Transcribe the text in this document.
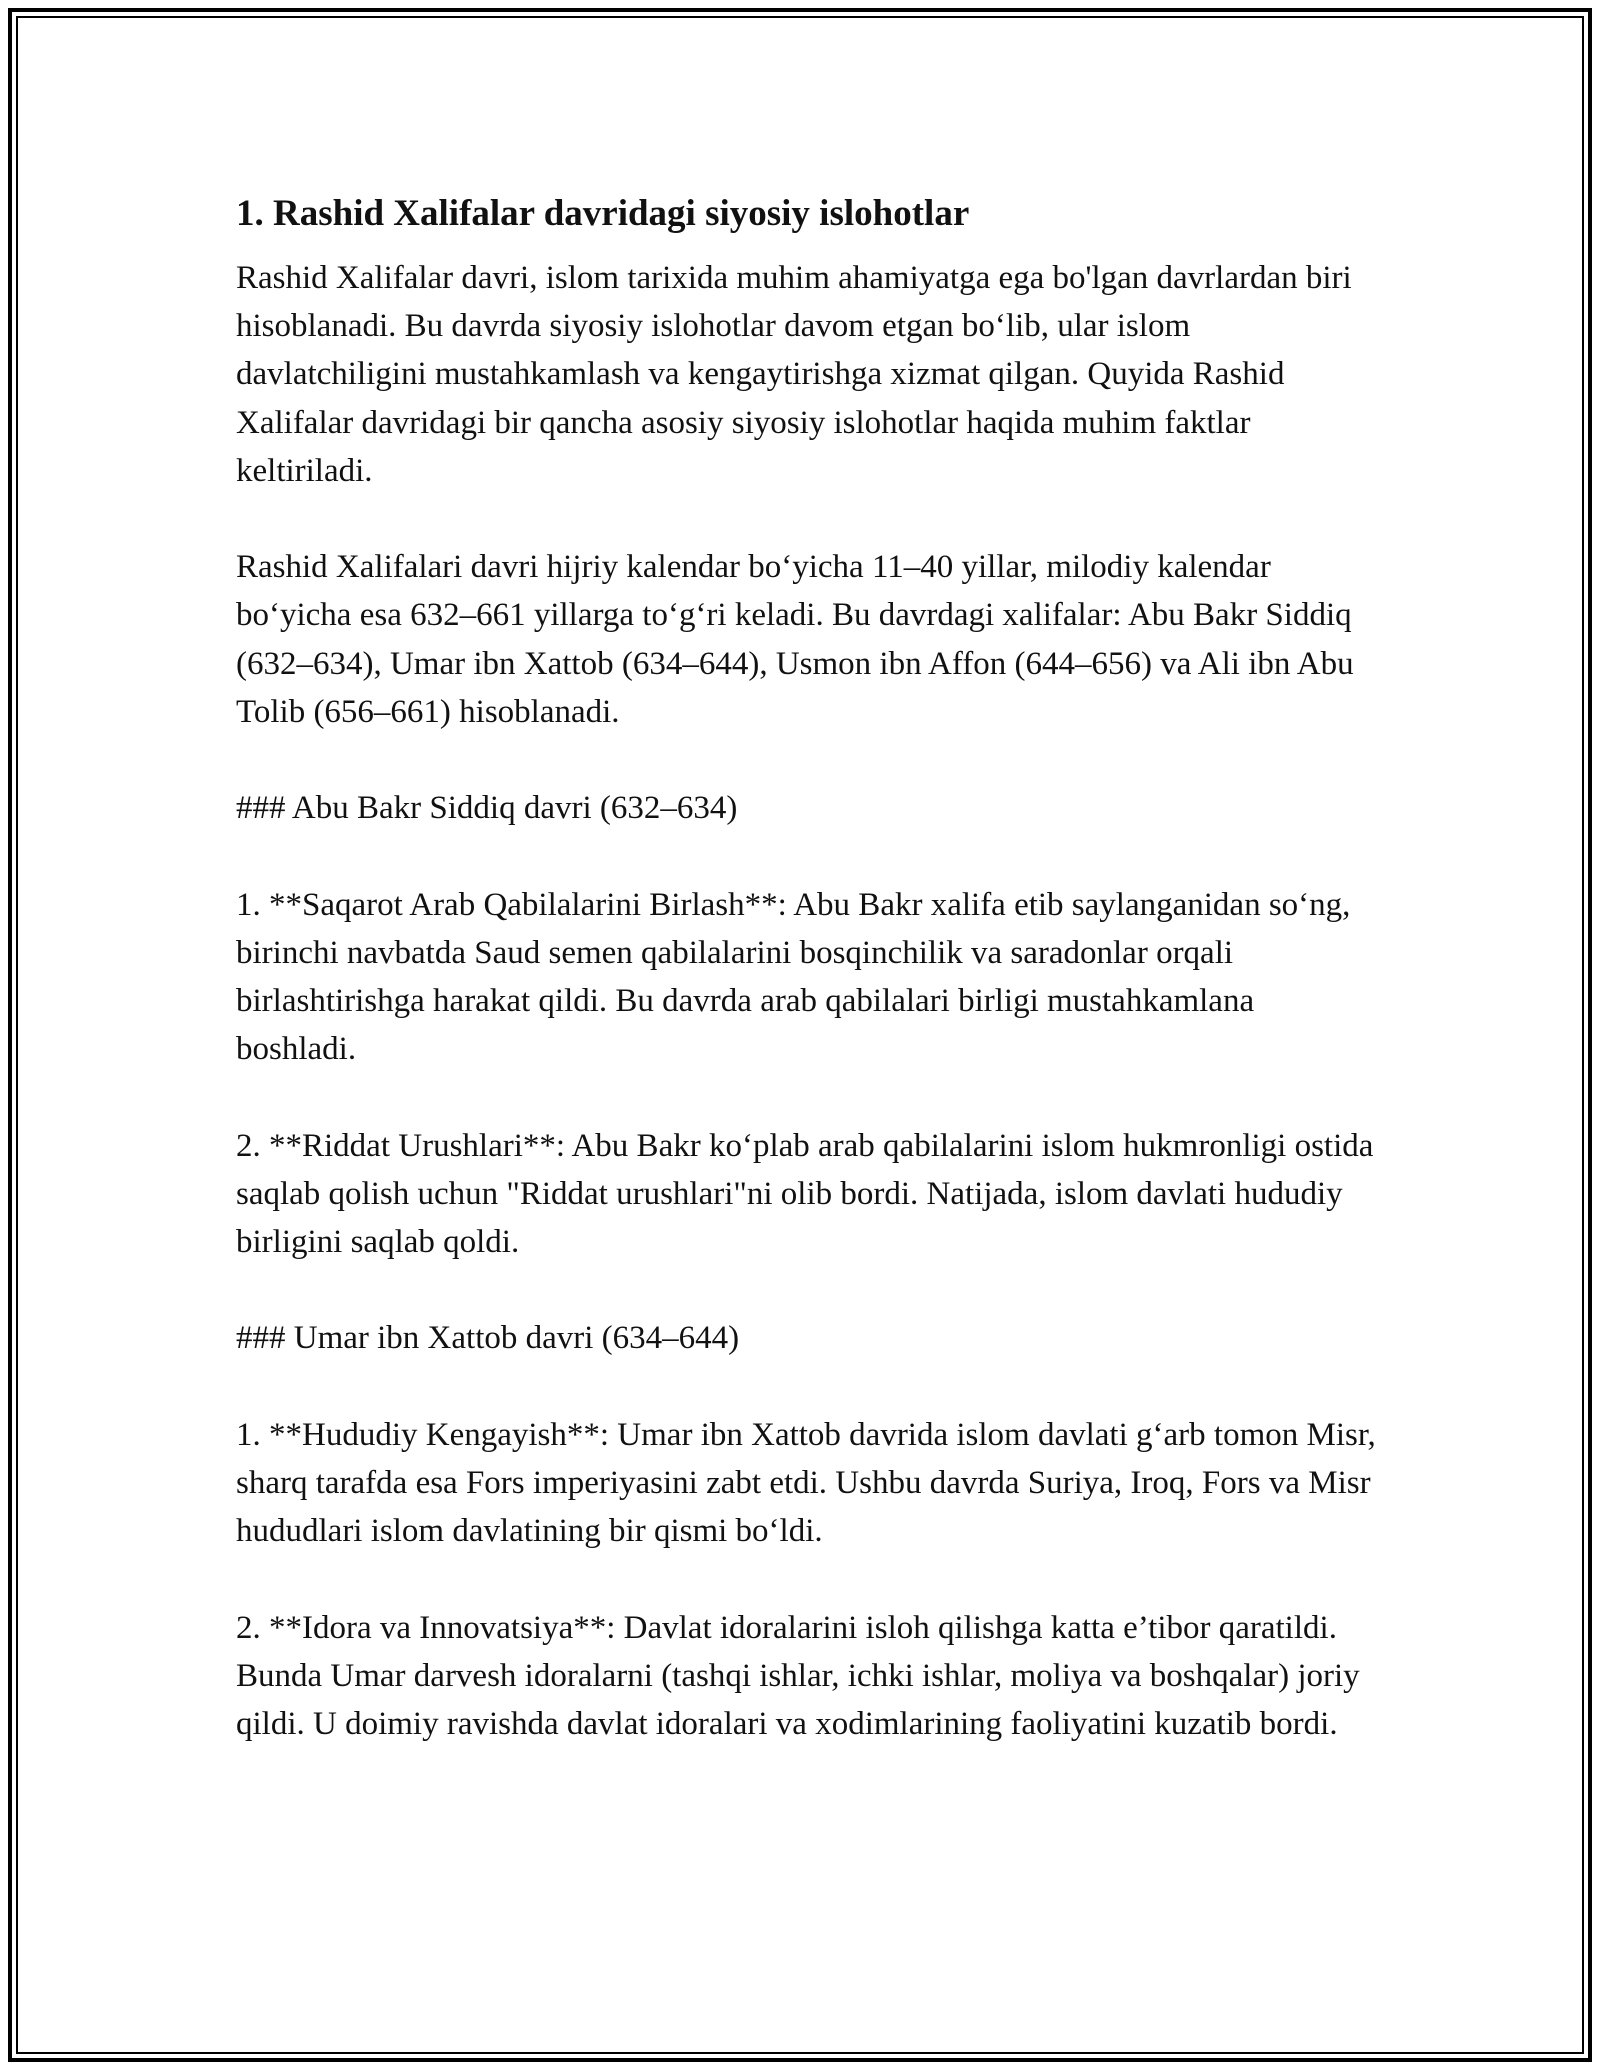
1. Rashid Xalifalar davridagi siyosiy islohotlar

Rashid Xalifalar davri, islom tarixida muhim ahamiyatga ega bo'lgan davrlardan biri hisoblanadi. Bu davrda siyosiy islohotlar davom etgan bo‘lib, ular islom davlatchiligini mustahkamlash va kengaytirishga xizmat qilgan. Quyida Rashid Xalifalar davridagi bir qancha asosiy siyosiy islohotlar haqida muhim faktlar keltiriladi.

Rashid Xalifalari davri hijriy kalendar bo‘yicha 11–40 yillar, milodiy kalendar bo‘yicha esa 632–661 yillarga to‘g‘ri keladi. Bu davrdagi xalifalar: Abu Bakr Siddiq (632–634), Umar ibn Xattob (634–644), Usmon ibn Affon (644–656) va Ali ibn Abu Tolib (656–661) hisoblanadi.

### Abu Bakr Siddiq davri (632–634)

1. **Saqarot Arab Qabilalarini Birlash**: Abu Bakr xalifa etib saylanganidan so‘ng, birinchi navbatda Saud semen qabilalarini bosqinchilik va saradonlar orqali birlashtirishga harakat qildi. Bu davrda arab qabilalari birligi mustahkamlana boshladi.

2. **Riddat Urushlari**: Abu Bakr ko‘plab arab qabilalarini islom hukmronligi ostida saqlab qolish uchun "Riddat urushlari"ni olib bordi. Natijada, islom davlati hududiy birligini saqlab qoldi.

### Umar ibn Xattob davri (634–644)

1. **Hududiy Kengayish**: Umar ibn Xattob davrida islom davlati g‘arb tomon Misr, sharq tarafda esa Fors imperiyasini zabt etdi. Ushbu davrda Suriya, Iroq, Fors va Misr hududlari islom davlatining bir qismi bo‘ldi.

2. **Idora va Innovatsiya**: Davlat idoralarini isloh qilishga katta e’tibor qaratildi. Bunda Umar darvesh idoralarni (tashqi ishlar, ichki ishlar, moliya va boshqalar) joriy qildi. U doimiy ravishda davlat idoralari va xodimlarining faoliyatini kuzatib bordi.
